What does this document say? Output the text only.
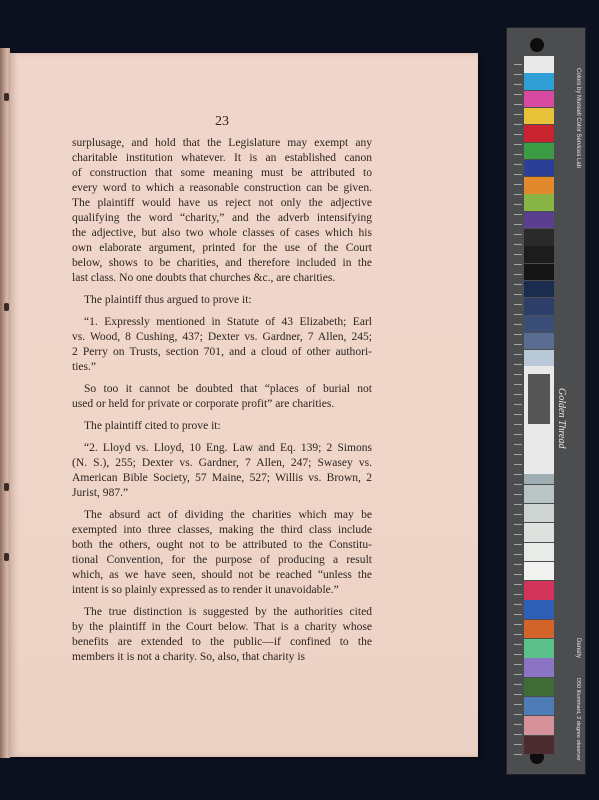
23

surplusage, and hold that the Legislature may exempt any
charitable institution whatever. It is an established canon
of construction that some meaning must be attributed to
every word to which a reasonable construction can be given.
The plaintiff would have us reject not only the adjective
qualifying the word “charity,” and the adverb intensifying
the adjective, but also two whole classes of cases which his
own elaborate argument, printed for the use of the Court
below, shows to be charities, and therefore included in the
last class. No one doubts that churches &c., are charities.

The plaintiff thus argued to prove it:

“1. Expressly mentioned in Statute of 43 Elizabeth; Earl
vs. Wood, 8 Cushing, 437; Dexter vs. Gardner, 7 Allen, 245;
2 Perry on Trusts, section 701, and a cloud of other authori-
ties.”

So too it cannot be doubted that “places of burial not
used or held for private or corporate profit” are charities.

The plaintiff cited to prove it:

“2. Lloyd vs. Lloyd, 10 Eng. Law and Eq. 139; 2 Simons
(N. S.), 255; Dexter vs. Gardner, 7 Allen, 247; Swasey vs.
American Bible Society, 57 Maine, 527; Willis vs. Brown, 2
Jurist, 987.”

The absurd act of dividing the charities which may be
exempted into three classes, making the third class include
both the others, ought not to be attributed to the Constitu-
tional Convention, for the purpose of producing a result
which, as we have seen, should not be reached “unless the
intent is so plainly expressed as to render it unavoidable.”

The true distinction is suggested by the authorities cited
by the plaintiff in the Court below. That is a charity whose
benefits are extended to the public—if confined to the
members it is not a charity. So, also, that charity is

Golden Thread
Colors by Munsell Color Services Lab
Density
D50 Illuminant, 2 degree observer
